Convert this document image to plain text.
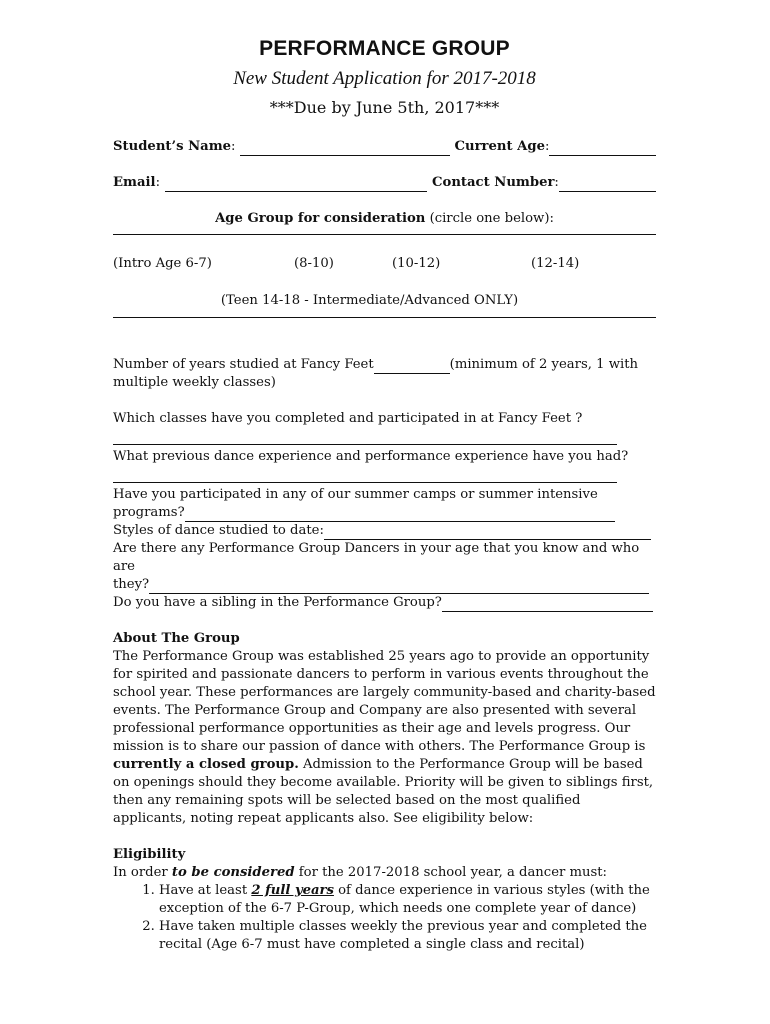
PERFORMANCE GROUP
New Student Application for 2017-2018
***Due by June 5th, 2017***
Student’s Name :	Current Age :
Email :	Contact Number :
Age Group for consideration (circle one below):
(Intro Age 6-7)	(8-10)	(10-12)	(12-14)
(Teen 14-18 - Intermediate/Advanced ONLY)
Number of years studied at Fancy Feet	(minimum of 2 years, 1 with
multiple weekly classes)
Which classes have you completed and participated in at Fancy Feet ?
What previous dance experience and performance experience have you had?
Have you participated in any of our summer camps or summer intensive
programs?
Styles of dance studied to date:
Are there any Performance Group Dancers in your age that you know and who are
they?
Do you have a sibling in the Performance Group?
About The Group

The Performance Group was established 25 years ago to provide an opportunity for spirited and passionate dancers to perform in various events throughout the school year. These performances are largely community-based and charity-based events. The Performance Group and Company are also presented with several professional performance opportunities as their age and levels progress. Our mission is to share our passion of dance with others. The Performance Group is currently a closed group. Admission to the Performance Group will be based on openings should they become available. Priority will be given to siblings first, then any remaining spots will be selected based on the most qualified applicants, noting repeat applicants also. See eligibility below:

Eligibility
In order to be considered for the 2017-2018 school year, a dancer must:
1. Have at least 2 full years of dance experience in various styles (with the exception of the 6-7 P-Group, which needs one complete year of dance)
2. Have taken multiple classes weekly the previous year and completed the recital (Age 6-7 must have completed a single class and recital)
